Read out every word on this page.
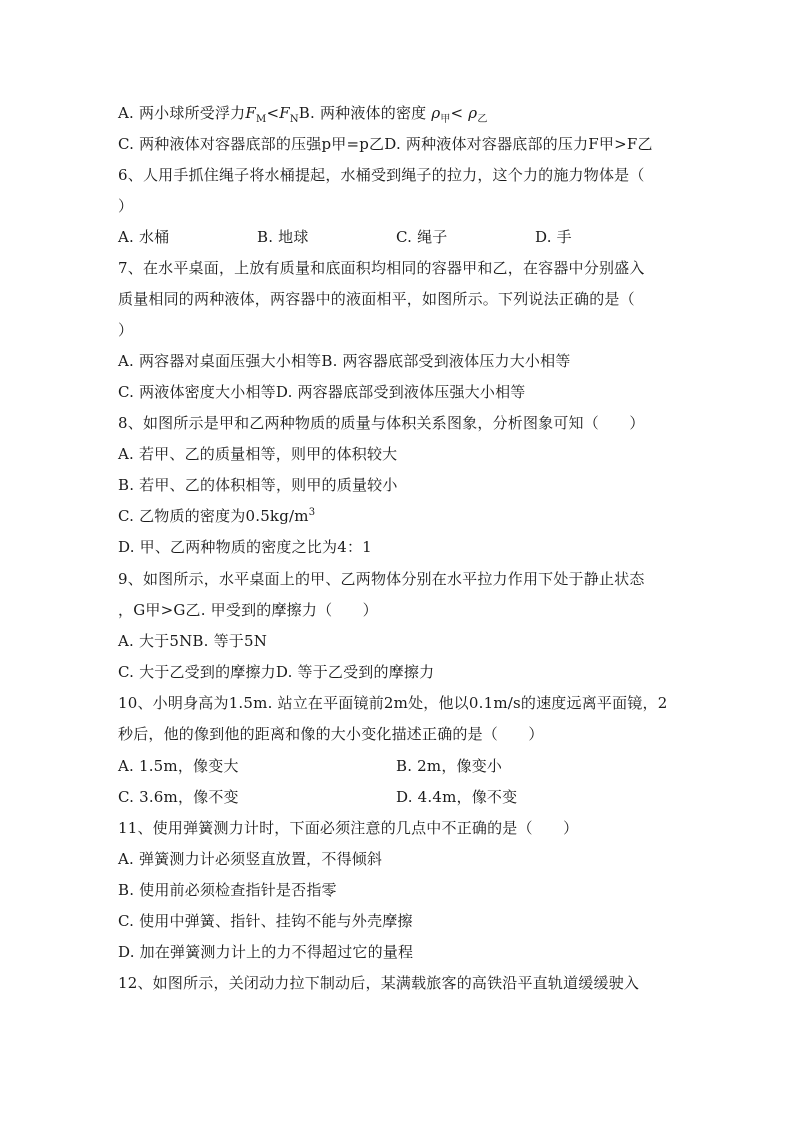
A. 两小球所受浮力$F_M<F_NB$. 两种液体的密度 $\rho_甲< \rho_乙$
C. 两种液体对容器底部的压强p甲=p乙D. 两种液体对容器底部的压力F甲>F乙
6、人用手抓住绳子将水桶提起，水桶受到绳子的拉力，这个力的施力物体是（
）
A. 水桶	B. 地球	C. 绳子	D. 手
7、在水平桌面，上放有质量和底面积均相同的容器甲和乙，在容器中分别盛入
质量相同的两种液体，两容器中的液面相平，如图所示。下列说法正确的是（
）
A. 两容器对桌面压强大小相等B. 两容器底部受到液体压力大小相等
C. 两液体密度大小相等D. 两容器底部受到液体压强大小相等
8、如图所示是甲和乙两种物质的质量与体积关系图象，分析图象可知（　　）
A. 若甲、乙的质量相等，则甲的体积较大
B. 若甲、乙的体积相等，则甲的质量较小
C. 乙物质的密度为$0.5kg/m^3$
D. 甲、乙两种物质的密度之比为4：1
9、如图所示，水平桌面上的甲、乙两物体分别在水平拉力作用下处于静止状态
，G甲>G乙. 甲受到的摩擦力（　　）
A. 大于5NB. 等于5N
C. 大于乙受到的摩擦力D. 等于乙受到的摩擦力
10、小明身高为1.5m. 站立在平面镜前2m处，他以0.1m/s的速度远离平面镜，2
秒后，他的像到他的距离和像的大小变化描述正确的是（　　）
A. 1.5m，像变大	B. 2m，像变小
C. 3.6m，像不变	D. 4.4m，像不变
11、使用弹簧测力计时，下面必须注意的几点中不正确的是（　　）
A. 弹簧测力计必须竖直放置，不得倾斜
B. 使用前必须检查指针是否指零
C. 使用中弹簧、指针、挂钩不能与外壳摩擦
D. 加在弹簧测力计上的力不得超过它的量程
12、如图所示，关闭动力拉下制动后，某满载旅客的高铁沿平直轨道缓缓驶入
